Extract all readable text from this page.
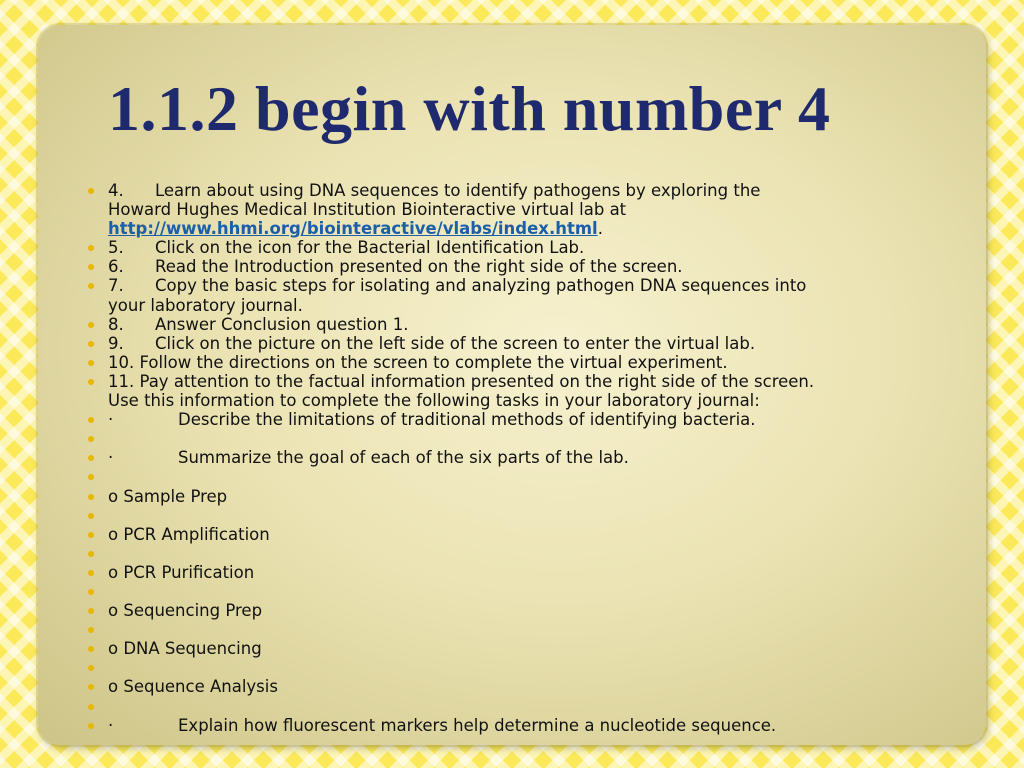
1.1.2 begin with number 4
4. Learn about using DNA sequences to identify pathogens by exploring the
Howard Hughes Medical Institution Biointeractive virtual lab at
http://www.hhmi.org/biointeractive/vlabs/index.html.
5. Click on the icon for the Bacterial Identification Lab.
6. Read the Introduction presented on the right side of the screen.
7. Copy the basic steps for isolating and analyzing pathogen DNA sequences into
your laboratory journal.
8. Answer Conclusion question 1.
9. Click on the picture on the left side of the screen to enter the virtual lab.
10. Follow the directions on the screen to complete the virtual experiment.
11. Pay attention to the factual information presented on the right side of the screen.
Use this information to complete the following tasks in your laboratory journal:
·	Describe the limitations of traditional methods of identifying bacteria.

·	Summarize the goal of each of the six parts of the lab.

o Sample Prep

o PCR Amplification

o PCR Purification

o Sequencing Prep

o DNA Sequencing

o Sequence Analysis

·	Explain how fluorescent markers help determine a nucleotide sequence.
